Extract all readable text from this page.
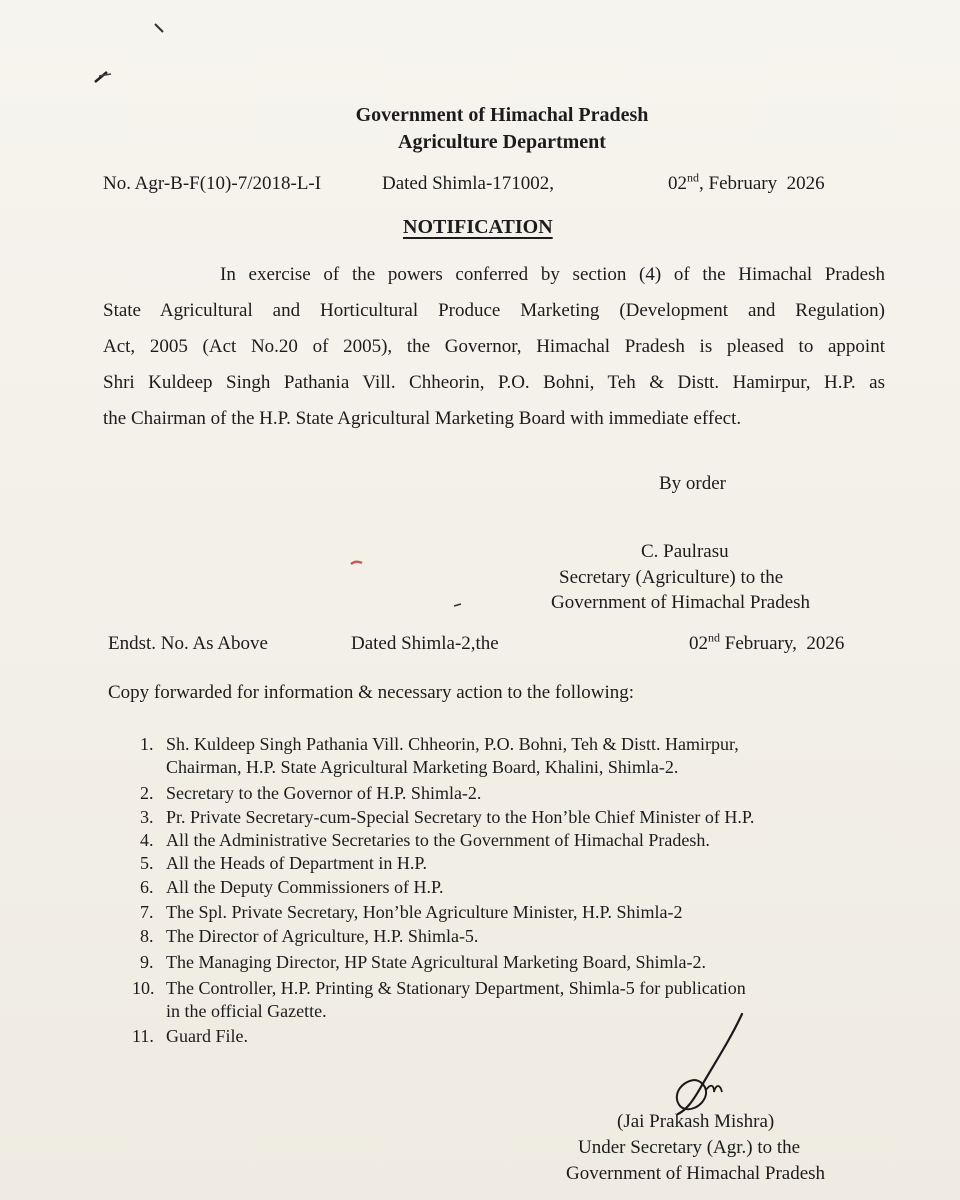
Government of Himachal Pradesh
Agriculture Department
No. Agr-B-F(10)-7/2018-L-I	Dated Shimla-171002,	02nd, February  2026
NOTIFICATION
In exercise of the powers conferred by section (4) of the Himachal Pradesh
State Agricultural and Horticultural Produce Marketing (Development and Regulation)
Act, 2005 (Act No.20 of 2005), the Governor, Himachal Pradesh is pleased to appoint
Shri Kuldeep Singh Pathania Vill. Chheorin, P.O. Bohni, Teh & Distt. Hamirpur, H.P. as
the Chairman of the H.P. State Agricultural Marketing Board with immediate effect.
By order
C. Paulrasu
Secretary (Agriculture) to the
Government of Himachal Pradesh
Endst. No. As Above	Dated Shimla-2,the	02nd February,  2026
Copy forwarded for information & necessary action to the following:
1. Sh. Kuldeep Singh Pathania Vill. Chheorin, P.O. Bohni, Teh & Distt. Hamirpur,
Chairman, H.P. State Agricultural Marketing Board, Khalini, Shimla-2.
2. Secretary to the Governor of H.P. Shimla-2.
3. Pr. Private Secretary-cum-Special Secretary to the Hon’ble Chief Minister of H.P.
4. All the Administrative Secretaries to the Government of Himachal Pradesh.
5. All the Heads of Department in H.P.
6. All the Deputy Commissioners of H.P.
7. The Spl. Private Secretary, Hon’ble Agriculture Minister, H.P. Shimla-2
8. The Director of Agriculture, H.P. Shimla-5.
9. The Managing Director, HP State Agricultural Marketing Board, Shimla-2.
10. The Controller, H.P. Printing & Stationary Department, Shimla-5 for publication
in the official Gazette.
11. Guard File.
(Jai Prakash Mishra)
Under Secretary (Agr.) to the
Government of Himachal Pradesh
